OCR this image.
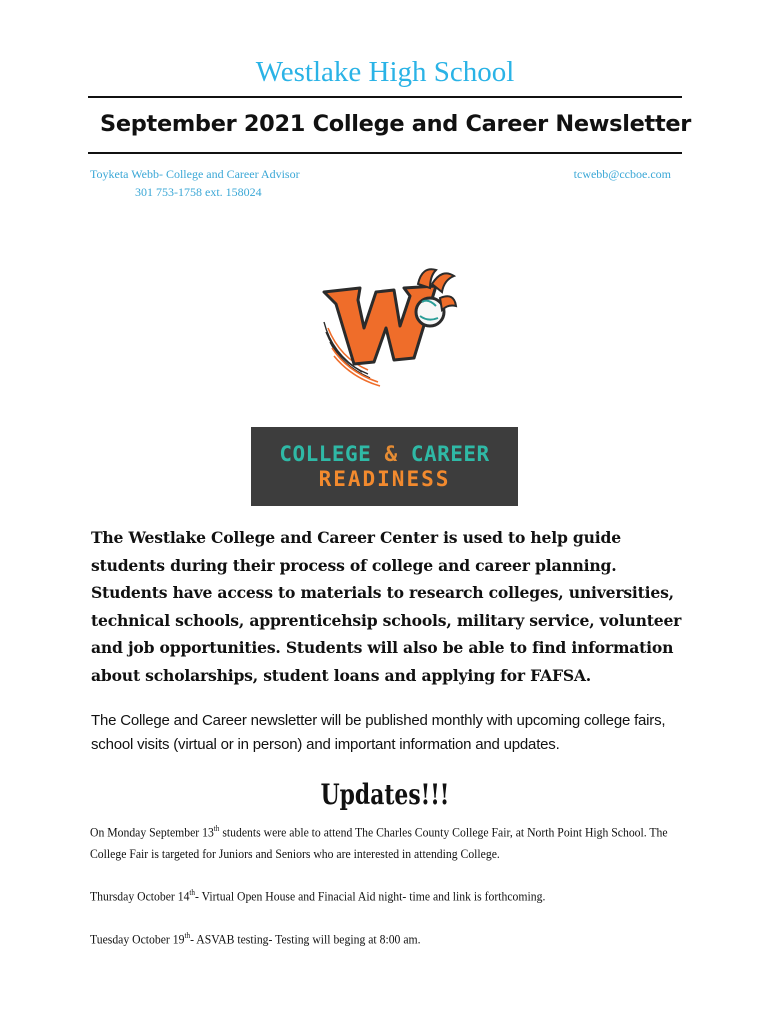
Westlake High School
September 2021 College and Career Newsletter
Toyketa Webb- College and Career Advisor
301 753-1758 ext. 158024
tcwebb@ccboe.com
COLLEGE & CAREER
READINESS
The Westlake College and Career Center is used to help guide students during their process of college and career planning. Students have access to materials to research colleges, universities, technical schools, apprenticehsip schools, military service, volunteer and job opportunities. Students will also be able to find information about scholarships, student loans and applying for FAFSA.
The College and Career newsletter will be published monthly with upcoming college fairs, school visits (virtual or in person) and important information and updates.
Updates!!!
On Monday September 13th students were able to attend The Charles County College Fair, at North Point High School. The College Fair is targeted for Juniors and Seniors who are interested in attending College.
Thursday October 14th- Virtual Open House and Finacial Aid night- time and link is forthcoming.
Tuesday October 19th- ASVAB testing- Testing will beging at 8:00 am.
